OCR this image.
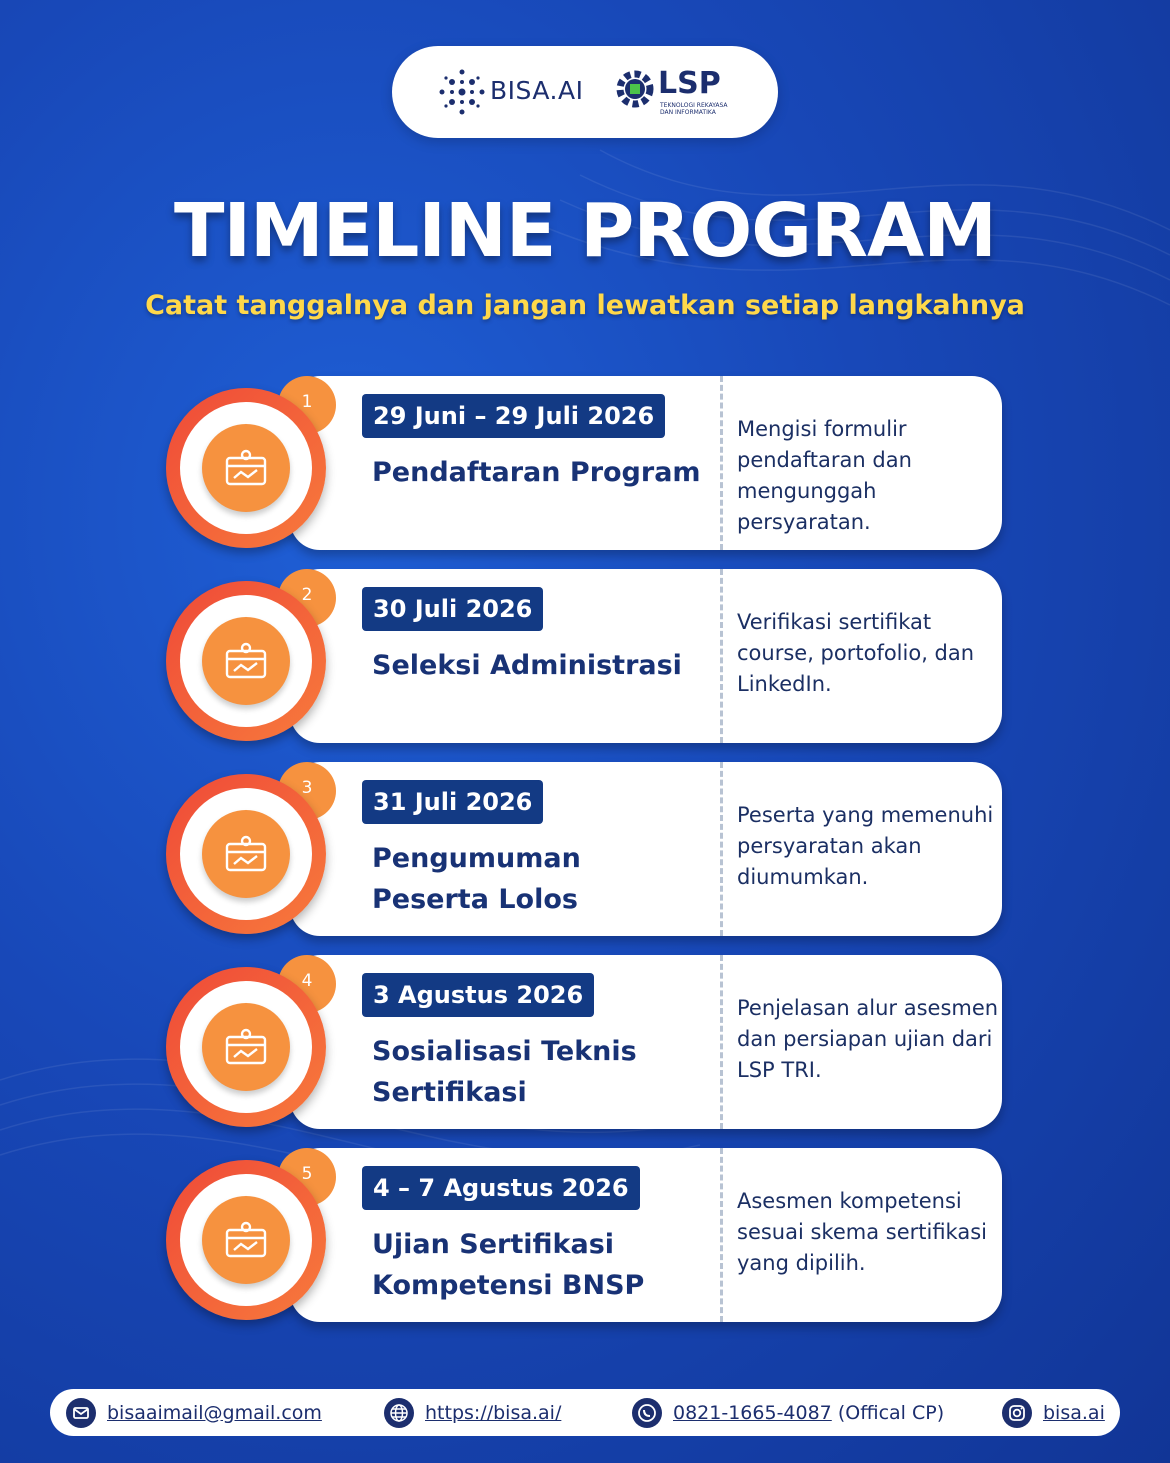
BISA.AI LSP
TEKNOLOGI REKAYASA DAN INFORMATIKA
TIMELINE PROGRAM
Catat tanggalnya dan jangan lewatkan setiap langkahnya
29 Juni – 29 Juli 2026
Pendaftaran Program
Mengisi formulir pendaftaran dan mengunggah persyaratan.
1
30 Juli 2026
Seleksi Administrasi
Verifikasi sertifikat course, portofolio, dan LinkedIn.
2
31 Juli 2026
Pengumuman
Peserta Lolos
Peserta yang memenuhi persyaratan akan diumumkan.
3
3 Agustus 2026
Sosialisasi Teknis
Sertifikasi
Penjelasan alur asesmen dan persiapan ujian dari LSP TRI.
4
4 – 7 Agustus 2026
Ujian Sertifikasi
Kompetensi BNSP
Asesmen kompetensi sesuai skema sertifikasi yang dipilih.
5
bisaaimail@gmail.com	https://bisa.ai/	0821-1665-4087 (Offical CP)	bisa.ai
